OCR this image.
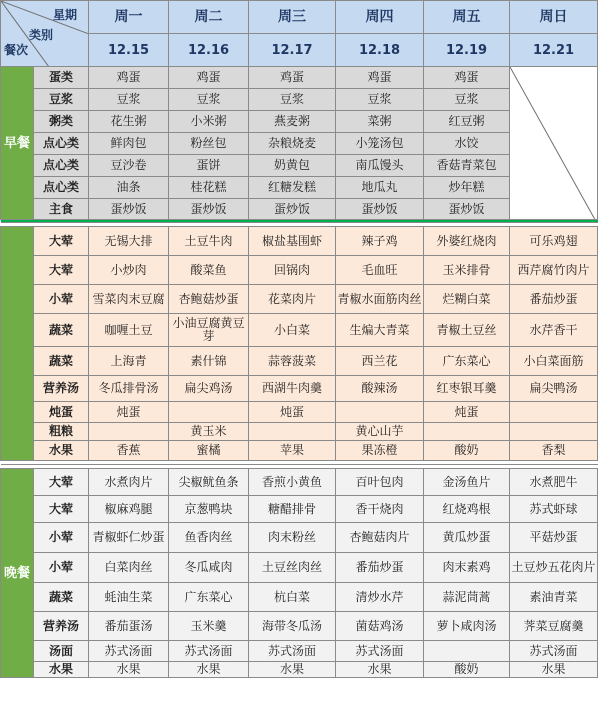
星期
类别
餐次		周一	周二	周三	周四	周五	周日
		12.15	12.16	12.17	12.18	12.19	12.21
早餐	蛋类	鸡蛋	鸡蛋	鸡蛋	鸡蛋	鸡蛋	

	豆浆	豆浆	豆浆	豆浆	豆浆	豆浆	
	粥类	花生粥	小米粥	燕麦粥	菜粥	红豆粥	
	点心类	鲜肉包	粉丝包	杂粮烧麦	小笼汤包	水饺	
	点心类	豆沙卷	蛋饼	奶黄包	南瓜馒头	香菇青菜包	
	点心类	油条	桂花糕	红糖发糕	地瓜丸	炒年糕	
	主食	蛋炒饭	蛋炒饭	蛋炒饭	蛋炒饭	蛋炒饭	

	大荤	无锡大排	土豆牛肉	椒盐基围虾	辣子鸡	外婆红烧肉	可乐鸡翅
	大荤	小炒肉	酸菜鱼	回锅肉	毛血旺	玉米排骨	西芹腐竹肉片
	小荤	雪菜肉末豆腐	杏鲍菇炒蛋	花菜肉片	青椒水面筋肉丝	烂糊白菜	番茄炒蛋
	蔬菜	咖喱土豆	小油豆腐黄豆芽	小白菜	生煸大青菜	青椒土豆丝	水芹香干
	蔬菜	上海青	素什锦	蒜蓉菠菜	西兰花	广东菜心	小白菜面筋
	营养汤	冬瓜排骨汤	扁尖鸡汤	西湖牛肉羹	酸辣汤	红枣银耳羹	扁尖鸭汤
	炖蛋	炖蛋		炖蛋		炖蛋	
	粗粮		黄玉米		黄心山芋		
	水果	香蕉	蜜橘	苹果	果冻橙	酸奶	香梨

晚餐	大荤	水煮肉片	尖椒鱿鱼条	香煎小黄鱼	百叶包肉	金汤鱼片	水煮肥牛
	大荤	椒麻鸡腿	京葱鸭块	糖醋排骨	香干烧肉	红烧鸡根	苏式虾球
	小荤	青椒虾仁炒蛋	鱼香肉丝	肉末粉丝	杏鲍菇肉片	黄瓜炒蛋	平菇炒蛋
	小荤	白菜肉丝	冬瓜咸肉	土豆丝肉丝	番茄炒蛋	肉末素鸡	土豆炒五花肉片
	蔬菜	蚝油生菜	广东菜心	杭白菜	清炒水芹	蒜泥茼蒿	素油青菜
	营养汤	番茄蛋汤	玉米羹	海带冬瓜汤	菌菇鸡汤	萝卜咸肉汤	荠菜豆腐羹
	汤面	苏式汤面	苏式汤面	苏式汤面	苏式汤面		苏式汤面
	水果	水果	水果	水果	水果	酸奶	水果
